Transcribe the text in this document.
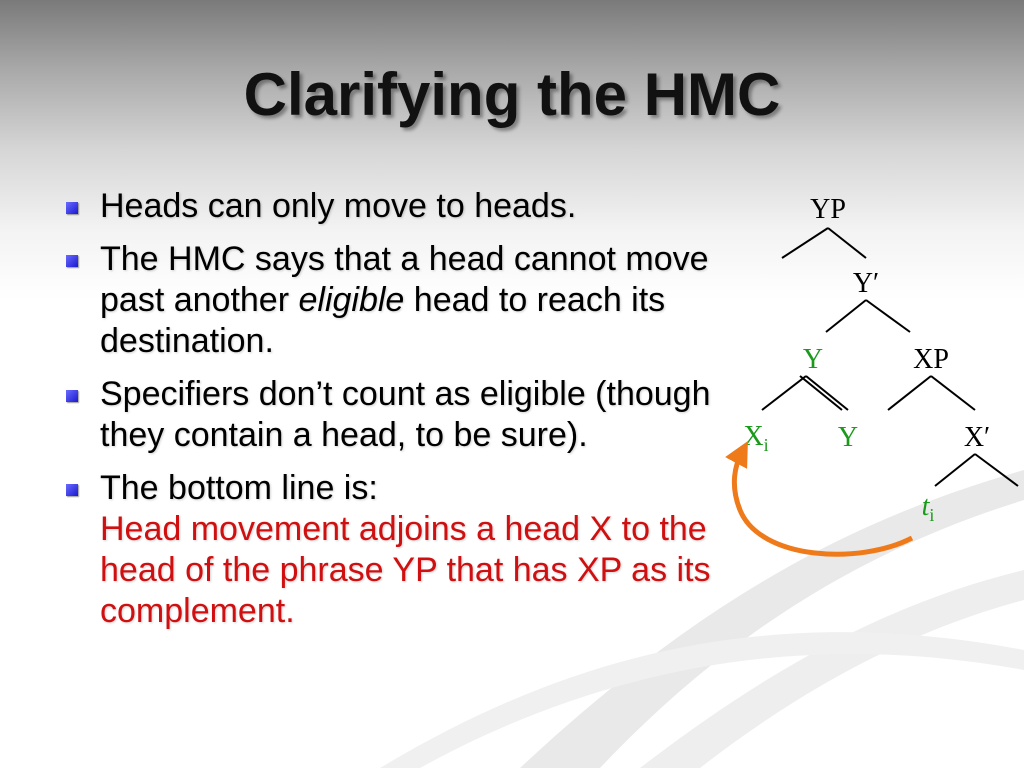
Clarifying the HMC
Heads can only move to heads.
The HMC says that a head cannot move past another eligible head to reach its destination.
Specifiers don’t count as eligible (though they contain a head, to be sure).
The bottom line is:
Head movement adjoins a head X to the head of the phrase YP that has XP as its complement.
YP
Y′
Y	XP
$X_i$ Y	X′
$t_i$
